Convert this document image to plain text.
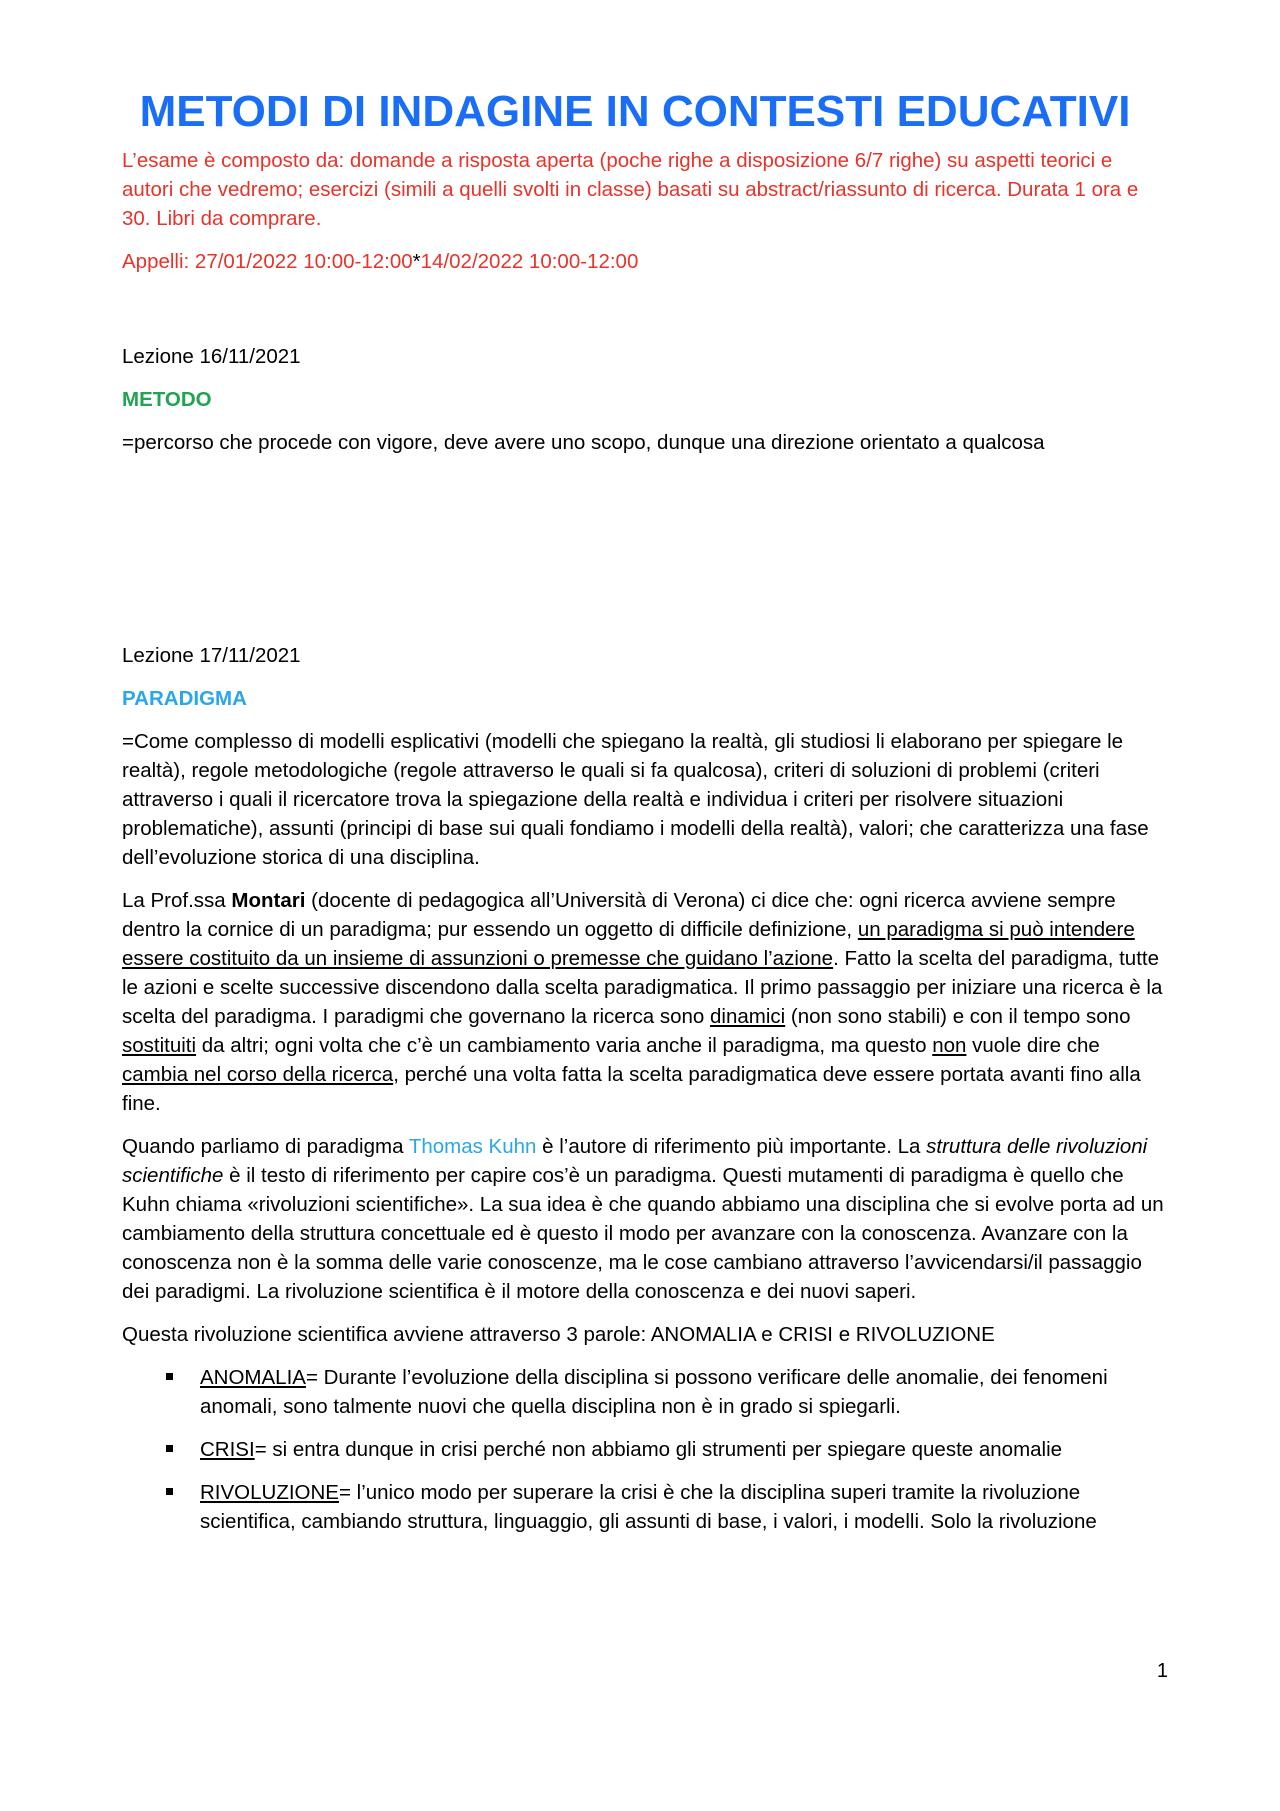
METODI DI INDAGINE IN CONTESTI EDUCATIVI

L’esame è composto da: domande a risposta aperta (poche righe a disposizione 6/7 righe) su aspetti teorici e autori che vedremo; esercizi (simili a quelli svolti in classe) basati su abstract/riassunto di ricerca. Durata 1 ora e 30. Libri da comprare.

Appelli: 27/01/2022 10:00-12:00*14/02/2022 10:00-12:00

Lezione 16/11/2021

METODO

=percorso che procede con vigore, deve avere uno scopo, dunque una direzione orientato a qualcosa

Lezione 17/11/2021

PARADIGMA

=Come complesso di modelli esplicativi (modelli che spiegano la realtà, gli studiosi li elaborano per spiegare le realtà), regole metodologiche (regole attraverso le quali si fa qualcosa), criteri di soluzioni di problemi (criteri attraverso i quali il ricercatore trova la spiegazione della realtà e individua i criteri per risolvere situazioni problematiche), assunti (principi di base sui quali fondiamo i modelli della realtà), valori; che caratterizza una fase dell’evoluzione storica di una disciplina.

La Prof.ssa Montari (docente di pedagogica all’Università di Verona) ci dice che: ogni ricerca avviene sempre dentro la cornice di un paradigma; pur essendo un oggetto di difficile definizione, un paradigma si può intendere essere costituito da un insieme di assunzioni o premesse che guidano l’azione. Fatto la scelta del paradigma, tutte le azioni e scelte successive discendono dalla scelta paradigmatica. Il primo passaggio per iniziare una ricerca è la scelta del paradigma. I paradigmi che governano la ricerca sono dinamici (non sono stabili) e con il tempo sono sostituiti da altri; ogni volta che c’è un cambiamento varia anche il paradigma, ma questo non vuole dire che cambia nel corso della ricerca, perché una volta fatta la scelta paradigmatica deve essere portata avanti fino alla fine.

Quando parliamo di paradigma Thomas Kuhn è l’autore di riferimento più importante. La struttura delle rivoluzioni scientifiche è il testo di riferimento per capire cos’è un paradigma. Questi mutamenti di paradigma è quello che Kuhn chiama «rivoluzioni scientifiche». La sua idea è che quando abbiamo una disciplina che si evolve porta ad un cambiamento della struttura concettuale ed è questo il modo per avanzare con la conoscenza. Avanzare con la conoscenza non è la somma delle varie conoscenze, ma le cose cambiano attraverso l’avvicendarsi/il passaggio dei paradigmi. La rivoluzione scientifica è il motore della conoscenza e dei nuovi saperi.

Questa rivoluzione scientifica avviene attraverso 3 parole: ANOMALIA e CRISI e RIVOLUZIONE

ANOMALIA= Durante l’evoluzione della disciplina si possono verificare delle anomalie, dei fenomeni anomali, sono talmente nuovi che quella disciplina non è in grado si spiegarli.
CRISI= si entra dunque in crisi perché non abbiamo gli strumenti per spiegare queste anomalie
RIVOLUZIONE= l’unico modo per superare la crisi è che la disciplina superi tramite la rivoluzione scientifica, cambiando struttura, linguaggio, gli assunti di base, i valori, i modelli. Solo la rivoluzione
1
